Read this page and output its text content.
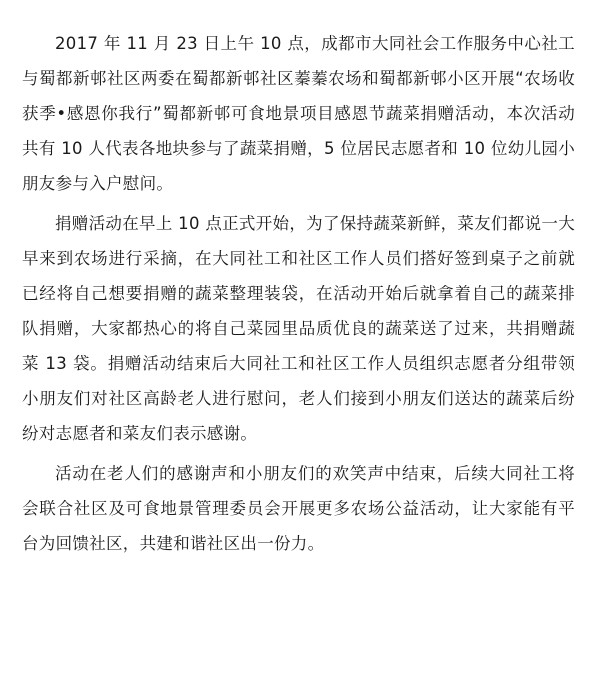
2017 年 11 月 23 日上午 10 点，成都市大同社会工作服务中心社工与蜀都新邨社区两委在蜀都新邨社区蓁蓁农场和蜀都新邨小区开展“农场收获季•感恩你我行”蜀都新邨可食地景项目感恩节蔬菜捐赠活动，本次活动共有 10 人代表各地块参与了蔬菜捐赠，5 位居民志愿者和 10 位幼儿园小朋友参与入户慰问。

捐赠活动在早上 10 点正式开始，为了保持蔬菜新鲜，菜友们都说一大早来到农场进行采摘，在大同社工和社区工作人员们搭好签到桌子之前就已经将自己想要捐赠的蔬菜整理装袋，在活动开始后就拿着自己的蔬菜排队捐赠，大家都热心的将自己菜园里品质优良的蔬菜送了过来，共捐赠蔬菜 13 袋。捐赠活动结束后大同社工和社区工作人员组织志愿者分组带领小朋友们对社区高龄老人进行慰问，老人们接到小朋友们送达的蔬菜后纷纷对志愿者和菜友们表示感谢。

活动在老人们的感谢声和小朋友们的欢笑声中结束，后续大同社工将会联合社区及可食地景管理委员会开展更多农场公益活动，让大家能有平台为回馈社区，共建和谐社区出一份力。
